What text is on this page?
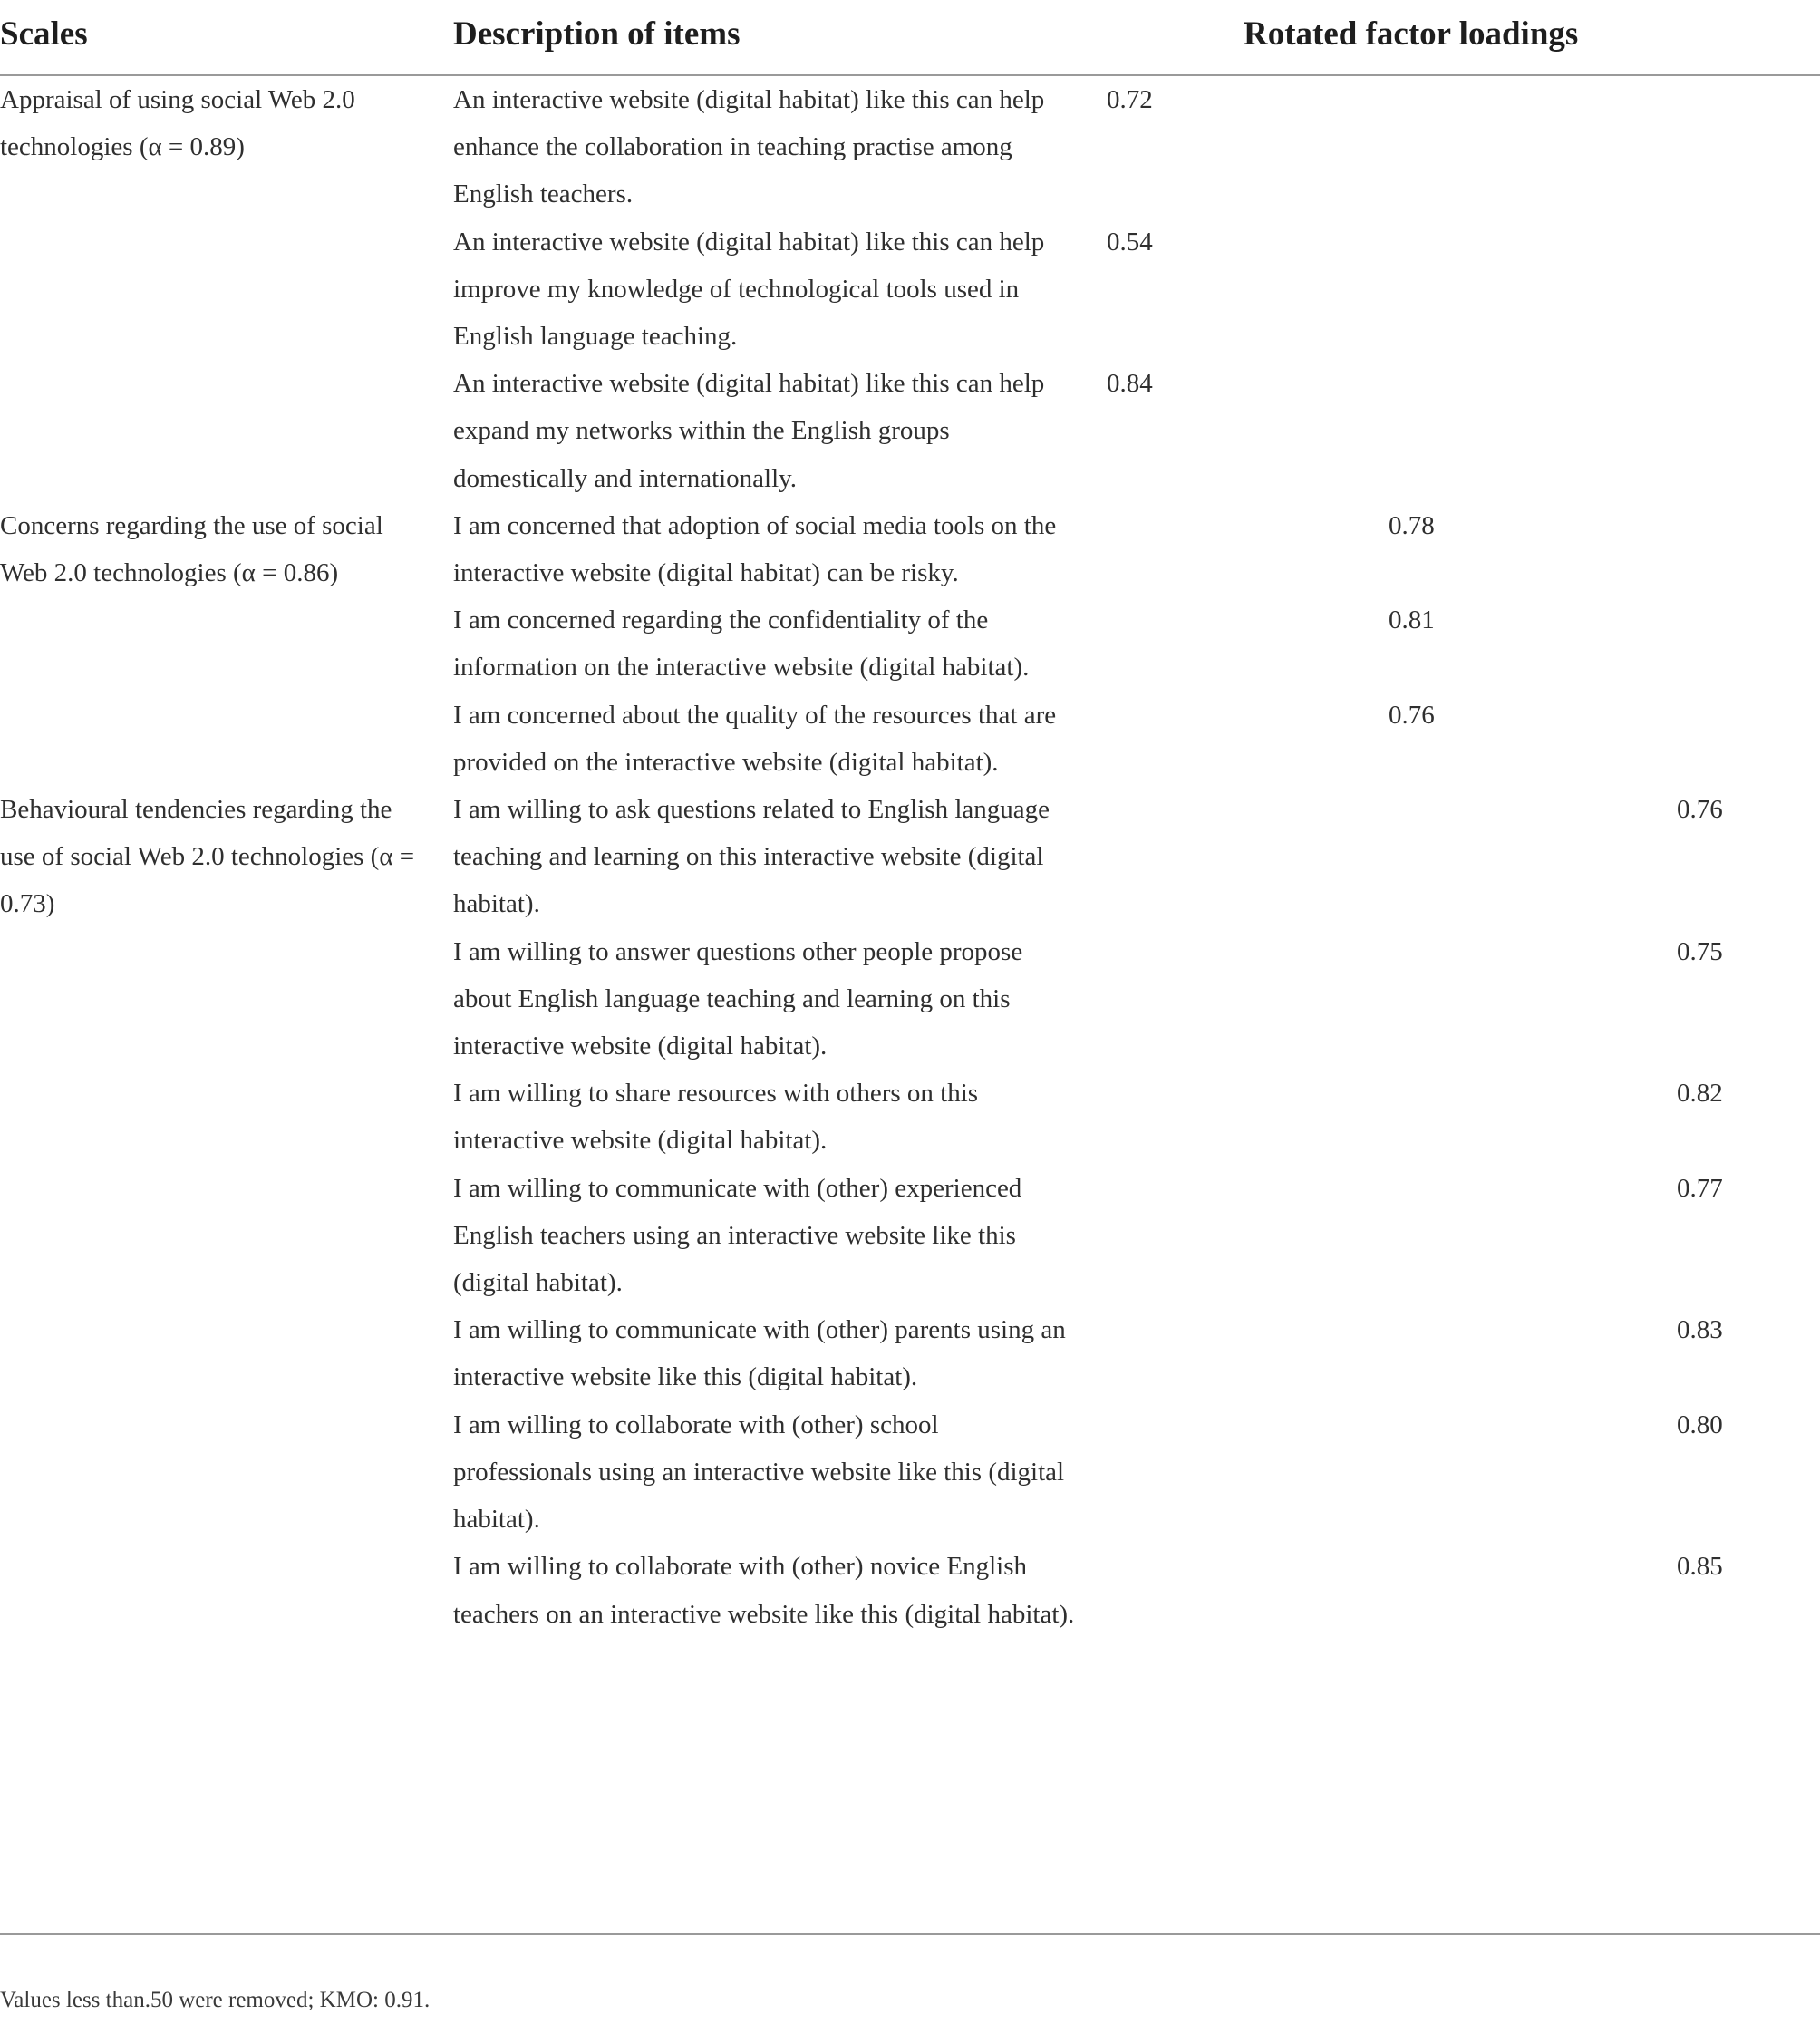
Scales	Description of items	Rotated factor loadings		
Appraisal of using social Web 2.0 technologies (α = 0.89)	An interactive website (digital habitat) like this can help enhance the collaboration in teaching practise among English teachers.	0.72		
	An interactive website (digital habitat) like this can help improve my knowledge of technological tools used in English language teaching.	0.54		
	An interactive website (digital habitat) like this can help expand my networks within the English groups domestically and internationally.	0.84		
Concerns regarding the use of social Web 2.0 technologies (α = 0.86)	I am concerned that adoption of social media tools on the interactive website (digital habitat) can be risky.		0.78	
	I am concerned regarding the confidentiality of the information on the interactive website (digital habitat).		0.81	
	I am concerned about the quality of the resources that are provided on the interactive website (digital habitat).		0.76	
Behavioural tendencies regarding the use of social Web 2.0 technologies (α = 0.73)	I am willing to ask questions related to English language teaching and learning on this interactive website (digital habitat).			0.76
	I am willing to answer questions other people propose about English language teaching and learning on this interactive website (digital habitat).			0.75
	I am willing to share resources with others on this interactive website (digital habitat).			0.82
	I am willing to communicate with (other) experienced English teachers using an interactive website like this (digital habitat).			0.77
	I am willing to communicate with (other) parents using an interactive website like this (digital habitat).			0.83
	I am willing to collaborate with (other) school professionals using an interactive website like this (digital habitat).			0.80
	I am willing to collaborate with (other) novice English teachers on an interactive website like this (digital habitat).			0.85
Values less than.50 were removed; KMO: 0.91.
